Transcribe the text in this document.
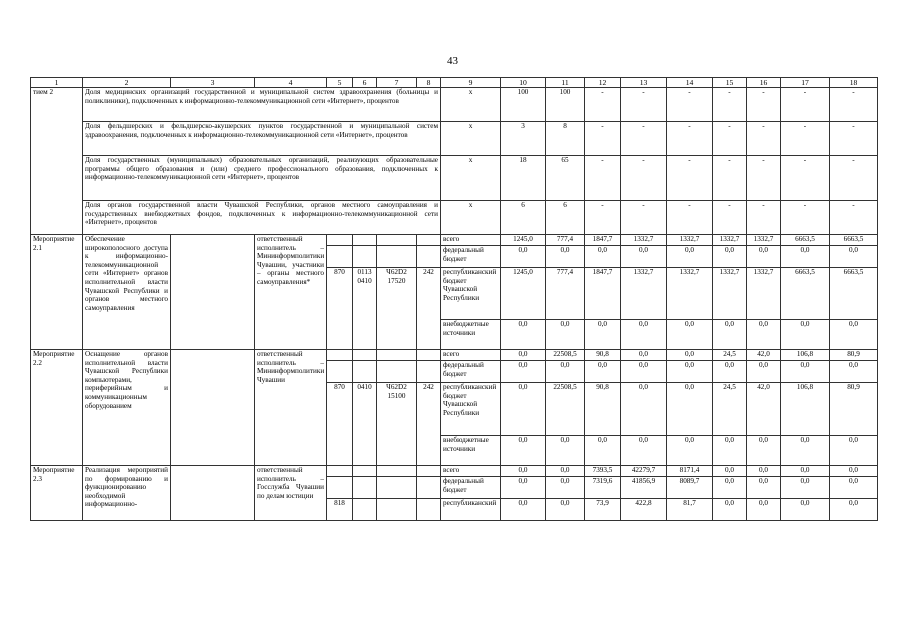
43
1	2	3	4	5	6	7	8	9	10	11	12	13	14	15	16	17	18
тием 2	Доля медицинских организаций государственной и муниципальной систем здравоохранения (больницы и поликлиники), подключенных к информационно-телекоммуникационной сети «Интернет», процентов							х	100	100	-	-	-	-	-	-	-
	Доля фельдшерских и фельдшерско-акушерских пунктов государственной и муниципальной систем здравоохранения, подключенных к информационно-телекоммуникационной сети «Интернет», процентов							х	3	8	-	-	-	-	-	-	-
	Доля государственных (муниципальных) образовательных организаций, реализующих образовательные программы общего образования и (или) среднего профессионального образования, подключенных к информационно-телекоммуникационной сети «Интернет», процентов							х	18	65	-	-	-	-	-	-	-
	Доля органов государственной власти Чувашской Республики, органов местного самоуправления и государственных внебюджетных фондов, подключенных к информационно-телекоммуникационной сети «Интернет», процентов							х	6	6	-	-	-	-	-	-	-
Мероприятие 2.1	Обеспечение широкополосного доступа к информационно-телекоммуникационной сети «Интернет» органов исполнительной власти Чувашской Республики и органов местного самоуправления		ответственный исполнитель – Мининформполитики Чувашии, участники – органы местного самоуправления*					всего	1245,0	777,4	1847,7	1332,7	1332,7	1332,7	1332,7	6663,5	6663,5
								федеральный бюджет	0,0	0,0	0,0	0,0	0,0	0,0	0,0	0,0	0,0
				870	0113 0410	Ч62D2 17520	242	республиканский бюджет Чувашской Республики	1245,0	777,4	1847,7	1332,7	1332,7	1332,7	1332,7	6663,5	6663,5
								внебюджетные источники	0,0	0,0	0,0	0,0	0,0	0,0	0,0	0,0	0,0
Мероприятие 2.2	Оснащение органов исполнительной власти Чувашской Республики компьютерами, периферийным и коммуникационным оборудованием		ответственный исполнитель – Мининформполитики Чувашии					всего	0,0	22508,5	90,8	0,0	0,0	24,5	42,0	106,8	80,9
								федеральный бюджет	0,0	0,0	0,0	0,0	0,0	0,0	0,0	0,0	0,0
				870	0410	Ч62D2 15100	242	республиканский бюджет Чувашской Республики	0,0	22508,5	90,8	0,0	0,0	24,5	42,0	106,8	80,9
								внебюджетные источники	0,0	0,0	0,0	0,0	0,0	0,0	0,0	0,0	0,0
Мероприятие 2.3	Реализация мероприятий по формированию и функционированию необходимой информационно-		ответственный исполнитель – Госслужба Чувашии по делам юстиции					всего	0,0	0,0	7393,5	42279,7	8171,4	0,0	0,0	0,0	0,0
								федеральный бюджет	0,0	0,0	7319,6	41856,9	8089,7	0,0	0,0	0,0	0,0
				818				республиканский	0,0	0,0	73,9	422,8	81,7	0,0	0,0	0,0	0,0
